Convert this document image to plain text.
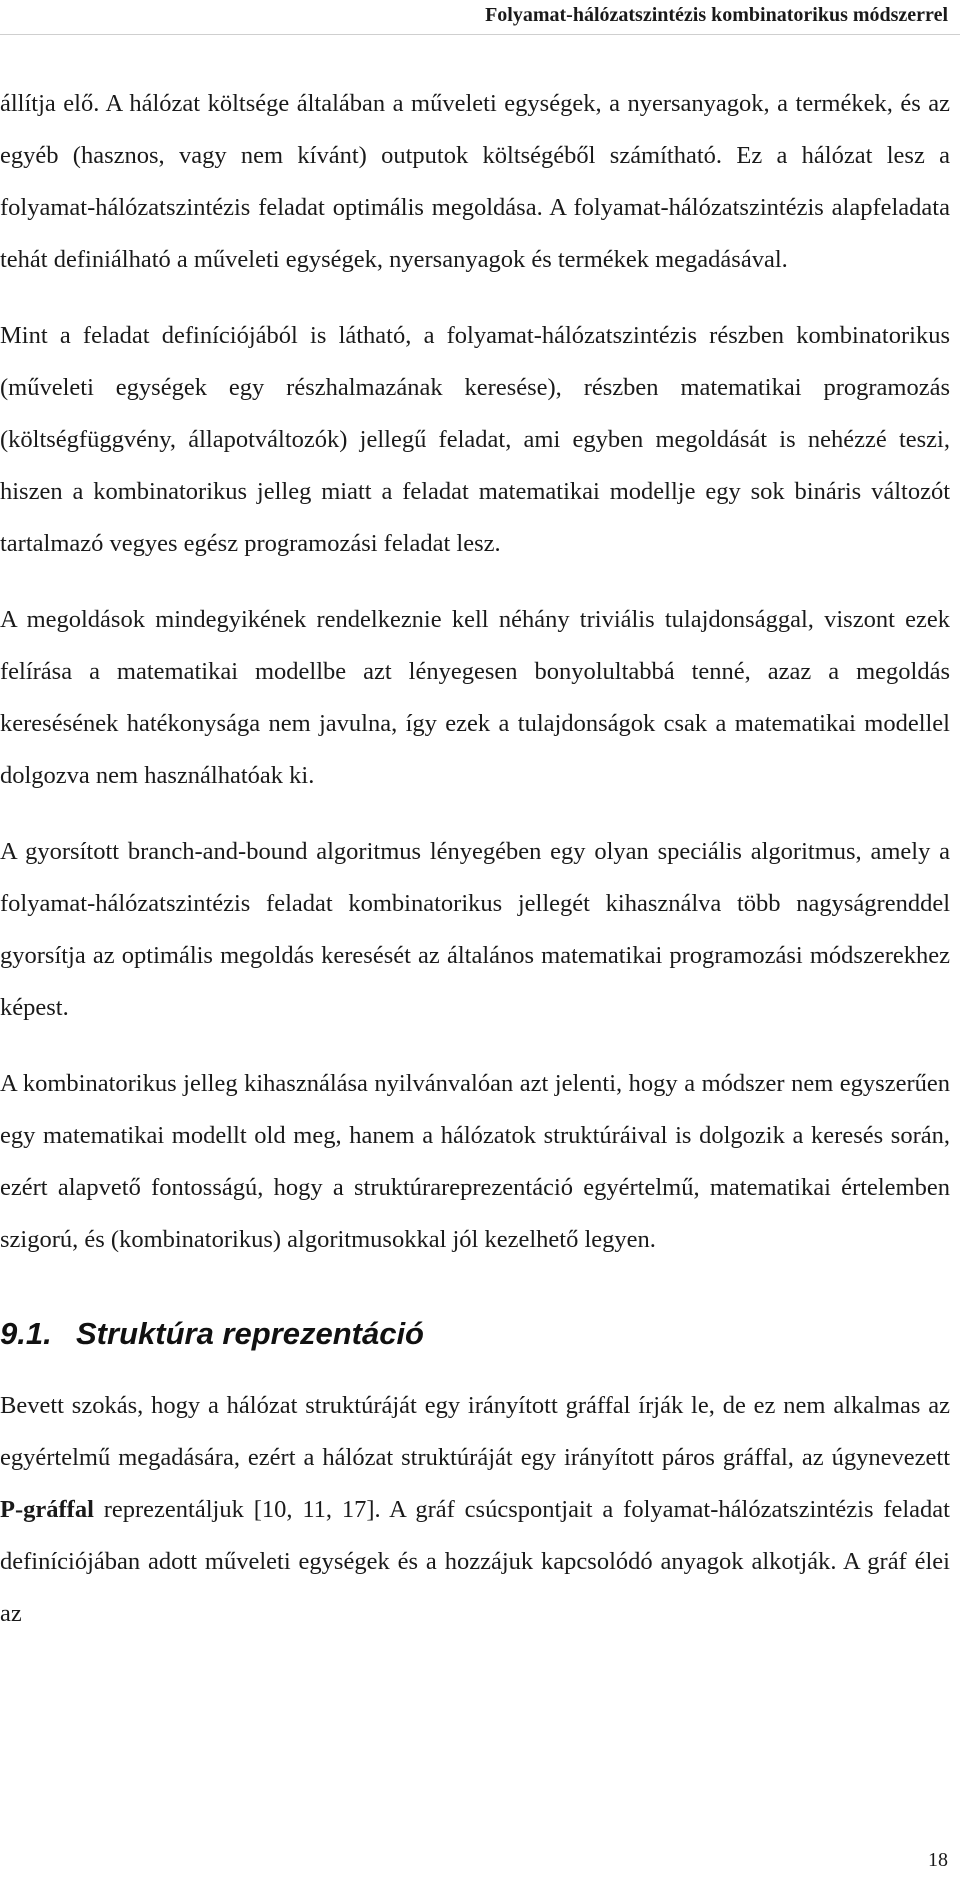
Folyamat-hálózatszintézis kombinatorikus módszerrel

állítja elő. A hálózat költsége általában a műveleti egységek, a nyersanyagok, a termékek, és az egyéb (hasznos, vagy nem kívánt) outputok költségéből számítható. Ez a hálózat lesz a folyamat-hálózatszintézis feladat optimális megoldása. A folyamat-hálózatszintézis alapfeladata tehát definiálható a műveleti egységek, nyersanyagok és termékek megadásával.

Mint a feladat definíciójából is látható, a folyamat-hálózatszintézis részben kombinatorikus (műveleti egységek egy részhalmazának keresése), részben matematikai programozás (költségfüggvény, állapotváltozók) jellegű feladat, ami egyben megoldását is nehézzé teszi, hiszen a kombinatorikus jelleg miatt a feladat matematikai modellje egy sok bináris változót tartalmazó vegyes egész programozási feladat lesz.

A megoldások mindegyikének rendelkeznie kell néhány triviális tulajdonsággal, viszont ezek felírása a matematikai modellbe azt lényegesen bonyolultabbá tenné, azaz a megoldás keresésének hatékonysága nem javulna, így ezek a tulajdonságok csak a matematikai modellel dolgozva nem használhatóak ki.

A gyorsított branch-and-bound algoritmus lényegében egy olyan speciális algoritmus, amely a folyamat-hálózatszintézis feladat kombinatorikus jellegét kihasználva több nagyságrenddel gyorsítja az optimális megoldás keresését az általános matematikai programozási módszerekhez képest.

A kombinatorikus jelleg kihasználása nyilvánvalóan azt jelenti, hogy a módszer nem egyszerűen egy matematikai modellt old meg, hanem a hálózatok struktúráival is dolgozik a keresés során, ezért alapvető fontosságú, hogy a struktúrareprezentáció egyértelmű, matematikai értelemben szigorú, és (kombinatorikus) algoritmusokkal jól kezelhető legyen.

9.1. Struktúra reprezentáció

Bevett szokás, hogy a hálózat struktúráját egy irányított gráffal írják le, de ez nem alkalmas az egyértelmű megadására, ezért a hálózat struktúráját egy irányított páros gráffal, az úgynevezett P-gráffal reprezentáljuk [10, 11, 17]. A gráf csúcspontjait a folyamat-hálózatszintézis feladat definíciójában adott műveleti egységek és a hozzájuk kapcsolódó anyagok alkotják. A gráf élei az

18
